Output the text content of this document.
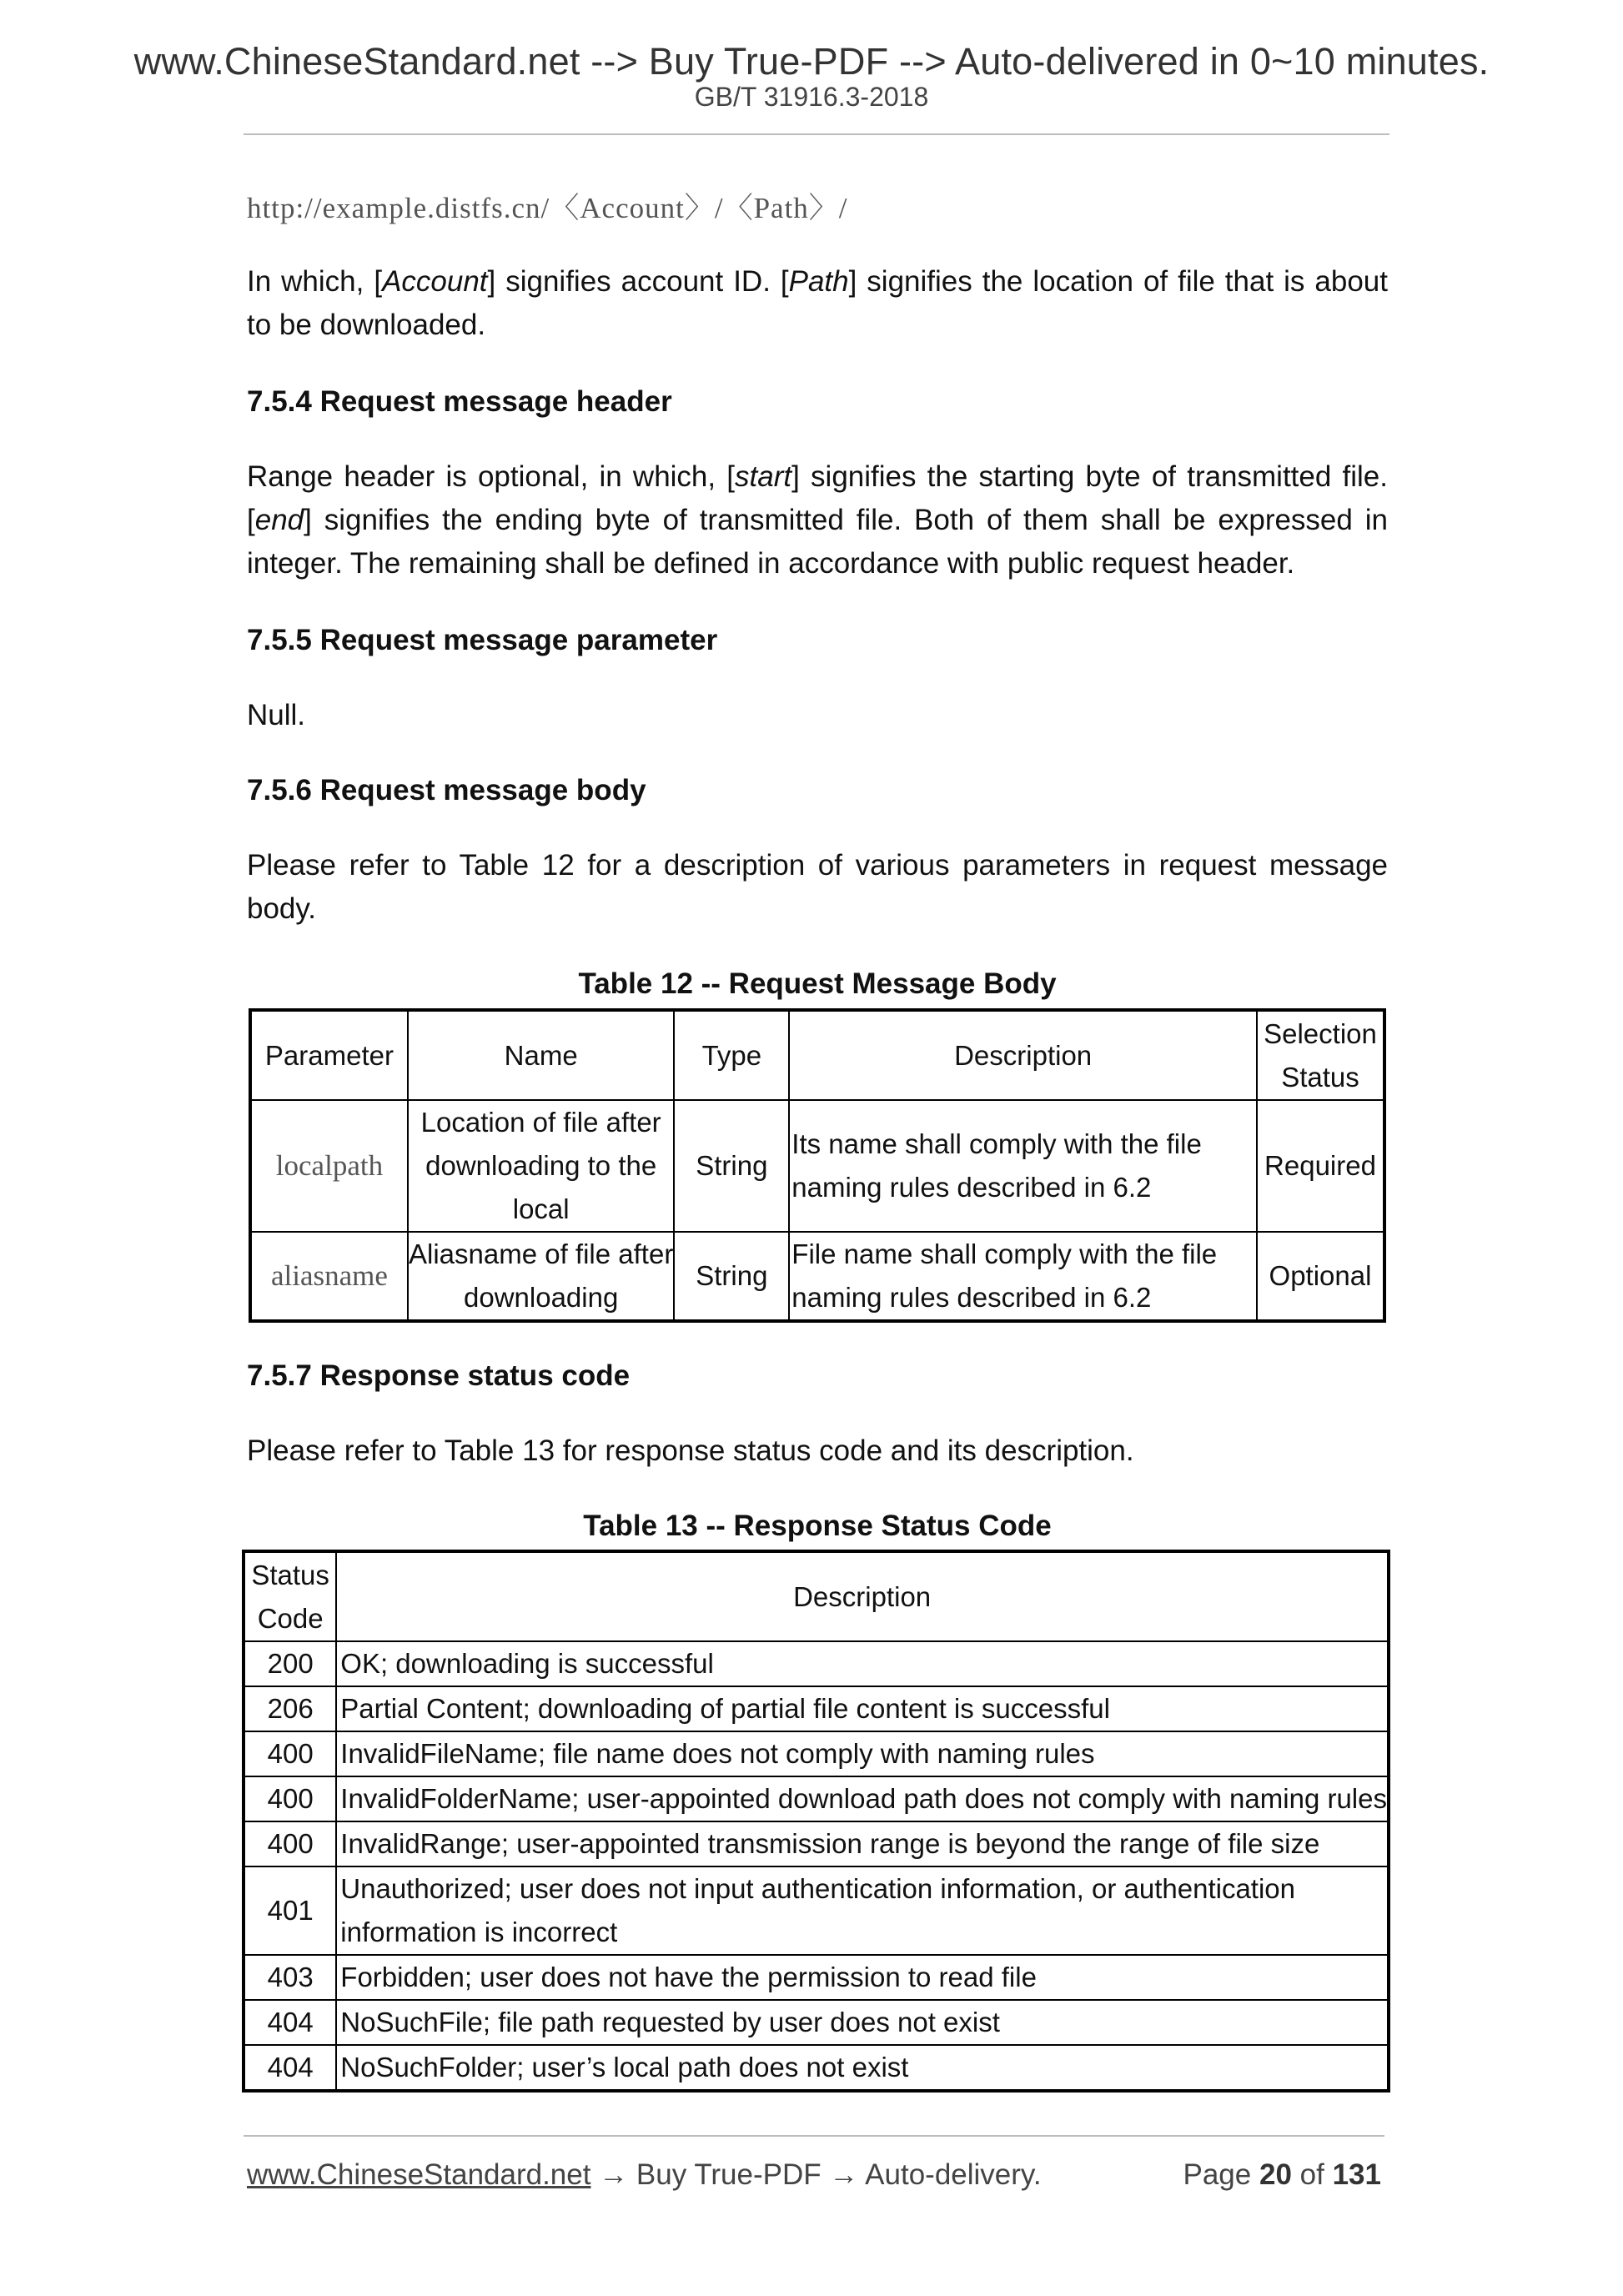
www.ChineseStandard.net --> Buy True-PDF --> Auto-delivered in 0~10 minutes.
GB/T 31916.3-2018
http://example.distfs.cn/〈Account〉/〈Path〉/
In which, [Account] signifies account ID. [Path] signifies the location of file that is about to be downloaded.
7.5.4 Request message header
Range header is optional, in which, [start] signifies the starting byte of transmitted file. [end] signifies the ending byte of transmitted file. Both of them shall be expressed in integer. The remaining shall be defined in accordance with public request header.
7.5.5 Request message parameter
Null.
7.5.6 Request message body
Please refer to Table 12 for a description of various parameters in request message body.
Table 12 -- Request Message Body
Parameter	Name	Type	Description	Selection Status
localpath	Location of file after downloading to the local	String	Its name shall comply with the file naming rules described in 6.2	Required
aliasname	Aliasname of file after downloading	String	File name shall comply with the file naming rules described in 6.2	Optional
7.5.7 Response status code
Please refer to Table 13 for response status code and its description.
Table 13 -- Response Status Code
Status Code	Description
200	OK; downloading is successful
206	Partial Content; downloading of partial file content is successful
400	InvalidFileName; file name does not comply with naming rules
400	InvalidFolderName; user-appointed download path does not comply with naming rules
400	InvalidRange; user-appointed transmission range is beyond the range of file size
401	Unauthorized; user does not input authentication information, or authentication information is incorrect
403	Forbidden; user does not have the permission to read file
404	NoSuchFile; file path requested by user does not exist
404	NoSuchFolder; user’s local path does not exist
www.ChineseStandard.net → Buy True-PDF → Auto-delivery.	Page 20 of 131
